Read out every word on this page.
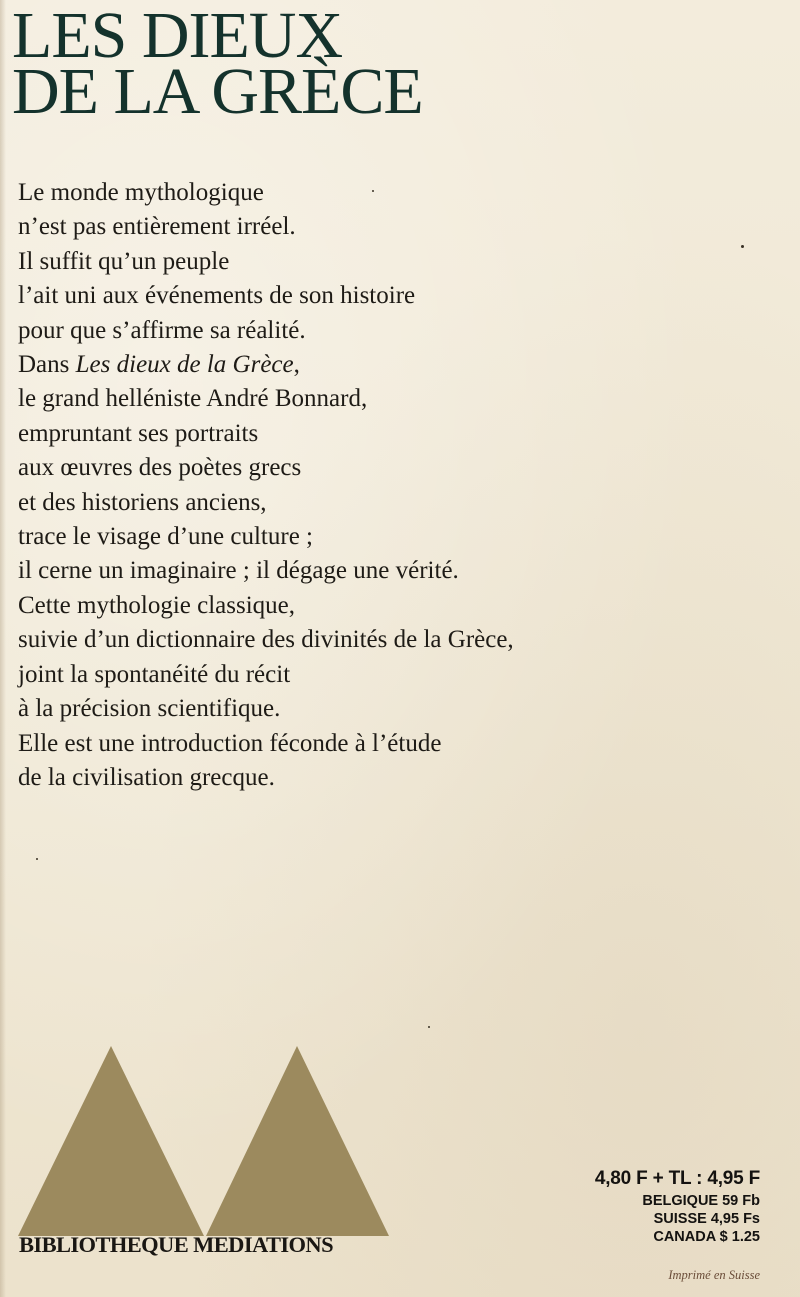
LES DIEUX
DE LA GRÈCE
Le monde mythologique
n’est pas entièrement irréel.
Il suffit qu’un peuple
l’ait uni aux événements de son histoire
pour que s’affirme sa réalité.
Dans Les dieux de la Grèce,
le grand helléniste André Bonnard,
empruntant ses portraits
aux œuvres des poètes grecs
et des historiens anciens,
trace le visage d’une culture ;
il cerne un imaginaire ; il dégage une vérité.
Cette mythologie classique,
suivie d’un dictionnaire des divinités de la Grèce,
joint la spontanéité du récit
à la précision scientifique.
Elle est une introduction féconde à l’étude
de la civilisation grecque.
BIBLIOTHEQUE MEDIATIONS
4,80 F + TL : 4,95 F
BELGIQUE 59 Fb
SUISSE 4,95 Fs
CANADA $ 1.25
Imprimé en Suisse
